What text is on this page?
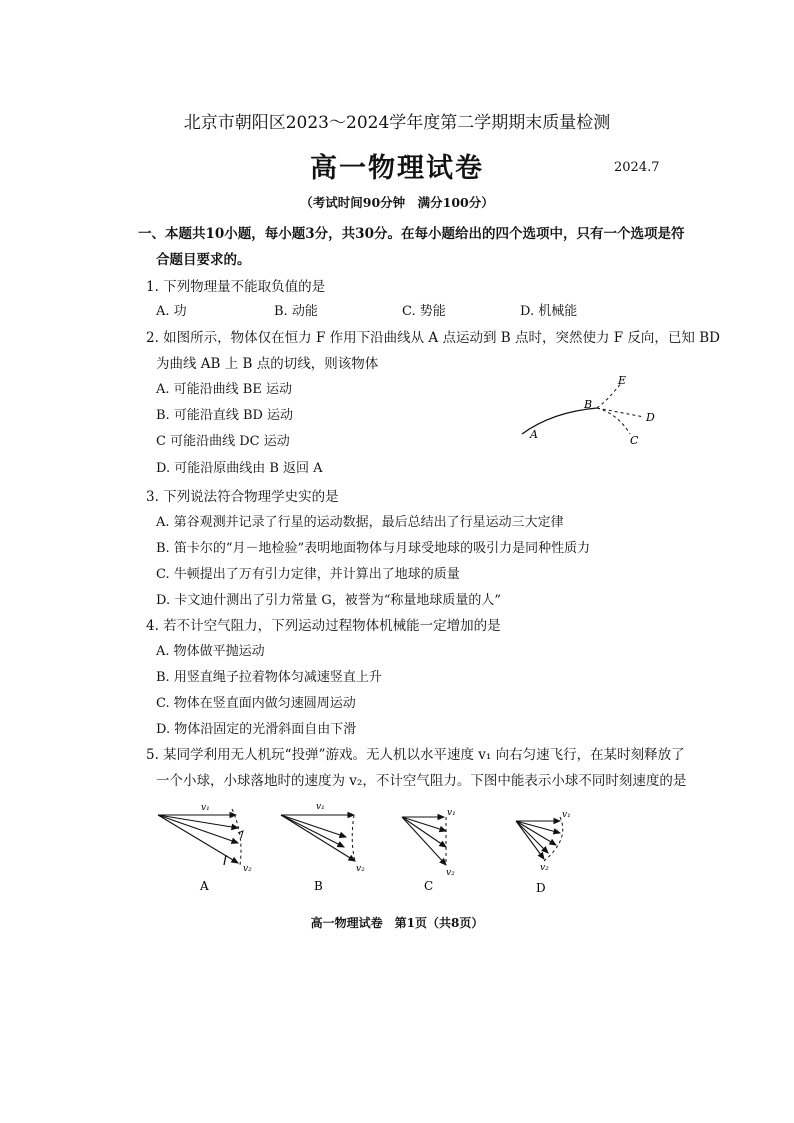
北京市朝阳区2023～2024学年度第二学期期末质量检测
高一物理试卷	2024.7
（考试时间90分钟　满分100分）
一、本题共10小题，每小题3分，共30分。在每小题给出的四个选项中，只有一个选项是符
合题目要求的。
1. 下列物理量不能取负值的是
A. 功	B. 动能	C. 势能	D. 机械能
2. 如图所示，物体仅在恒力 F 作用下沿曲线从 A 点运动到 B 点时，突然使力 F 反向，已知 BD
为曲线 AB 上 B 点的切线，则该物体
A. 可能沿曲线 BE 运动
B. 可能沿直线 BD 运动
C 可能沿曲线 DC 运动
D. 可能沿原曲线由 B 返回 A
A
B
C
D
E
3. 下列说法符合物理学史实的是
A. 第谷观测并记录了行星的运动数据，最后总结出了行星运动三大定律
B. 笛卡尔的“月－地检验”表明地面物体与月球受地球的吸引力是同种性质力
C. 牛顿提出了万有引力定律，并计算出了地球的质量
D. 卡文迪什测出了引力常量 G，被誉为“称量地球质量的人”
4. 若不计空气阻力，下列运动过程物体机械能一定增加的是
A. 物体做平抛运动
B. 用竖直绳子拉着物体匀减速竖直上升
C. 物体在竖直面内做匀速圆周运动
D. 物体沿固定的光滑斜面自由下滑
5. 某同学利用无人机玩“投弹”游戏。无人机以水平速度 v₁ 向右匀速飞行，在某时刻释放了
一个小球，小球落地时的速度为 v₂，不计空气阻力。下图中能表示小球不同时刻速度的是
v₁
v₂
A
v₁
v₂
B
v₁
v₂
C
v₁
v₂
D
高一物理试卷　第1页（共8页）
